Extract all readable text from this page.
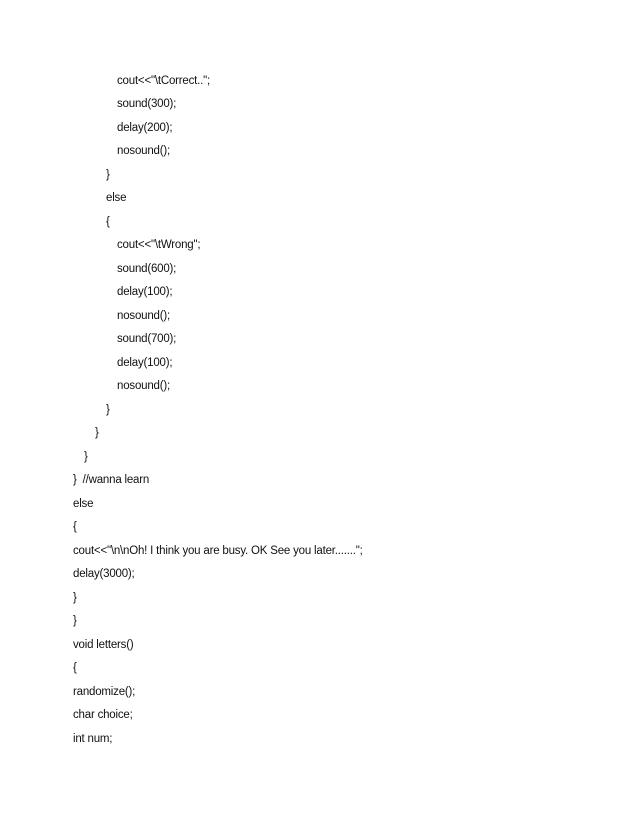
cout<<"\tCorrect..";
sound(300);
delay(200);
nosound();
}
else
{
cout<<"\tWrong";
sound(600);
delay(100);
nosound();
sound(700);
delay(100);
nosound();
}
}
}
}  //wanna learn
else
{
cout<<"\n\nOh! I think you are busy. OK See you later.......";
delay(3000);
}
}
void letters()
{
randomize();
char choice;
int num;
